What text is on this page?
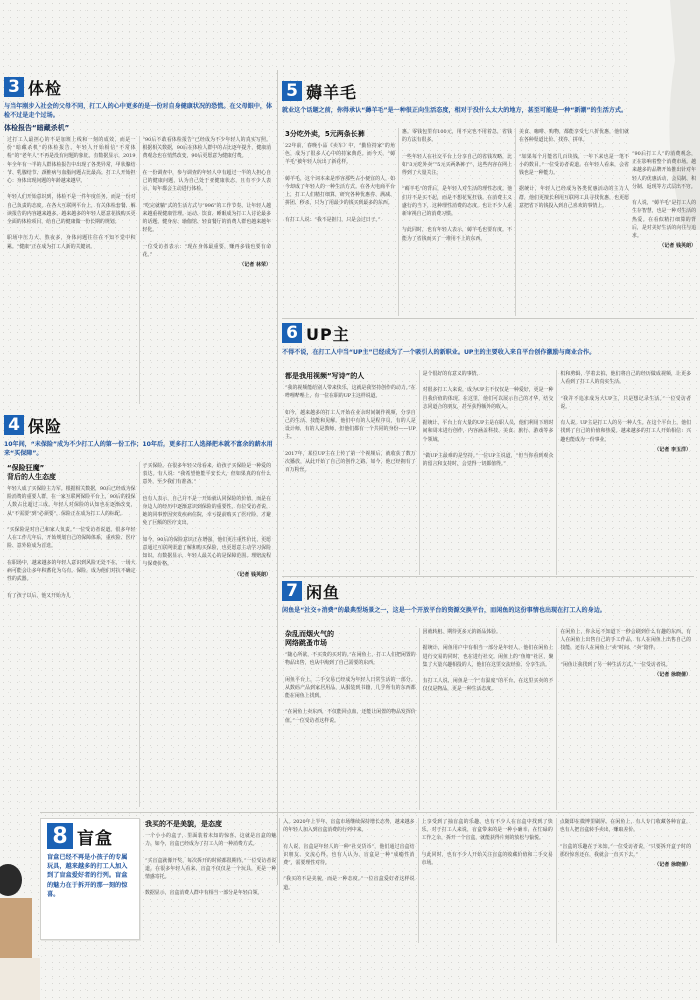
3 体检
与当年刚步入社会的父母不同，打工人的心中更多的是一份对自身健康状况的恐慌。在父母眼中，体检不过是走个过场。
体检报告“暗藏杀机”

过打工人最担心的不是加班上线和一刻的成效，而是一份“暗藏杀机”的体检报告。年轻人开始相信“不常体检”的“老年人”不再是没有问题的象征。有数据显示，2019年全年有一半的人群体检报告中出现了各类异常，甲状腺结节、乳腺结节、颈椎病与血脂问题占比最高。打工人开始担心：身体出现问题的年龄越来越早。

年轻人们开始意识到，体检不是一件年度任务，而是一份对自己负责的态度。在各大互联网平台上，有关体检套餐、解读报告的内容越来越多。越来越多的年轻人愿意花钱购买更全面的体检项目，给自己的健康做一份长期的规划。

职场中压力大、熬夜多，身体问题往往在不知不觉中积累。“健康”正在成为打工人新的关键词。

“90后不敢看体检报告”已经成为不少年轻人的真实写照。根据相关数据，90后在体检人群中的占比逐年提升，健康消费观念也在悄然改变，90后更愿意为健康付费。

在一份调查中，参与调查的年轻人中有超过一半的人担心自己的健康问题，认为自己处于亚健康状态，且有不少人表示，每年都会主动进行体检。

“吃完就躺”式的生活方式与“996”的工作节奏，让年轻人越来越重视健康管理。运动、饮食、睡眠成为打工人讨论最多的话题。健身房、瑜伽馆、轻食餐厅的消费人群也越来越年轻化。

一位受访者表示：“现在身体最重要，赚再多钱也要有命花。”

（记者 林荣）
4 保险
10年间，“未保险”成为不少打工人的第一份工作；10年后，更多打工人选择把本就不富余的薪水用来“买保障”。
“保险狂魔”
背后的人生态度

年轻人成了买保险主力军。根据相关数据，90后已经成为保险消费的重要人群，在一家互联网保险平台上，90后的投保人数占比超过三成。年轻人对保险的认知也在逐渐改变，从“不需要”到“必须要”，保险正在成为打工人的标配。

“买保险是对自己和家人负责。”一位受访者说道。很多年轻人在工作几年后，开始规划自己的保障体系，重疾险、医疗险、意外险成为首选。

在职场中，越来越多的年轻人意识到风险无处不在，一场大病可能会让多年积蓄化为乌有。保险，成为他们对抗不确定性的武器。

有了孩子以后，他又开始为儿

子买保险。在很多年轻父母看来，给孩子买保险是一种爱的表达。有人说：“我希望他能平安长大，但如果真的有什么意外，至少我们有准备。”

也有人表示，自己并不是一开始就认同保险的价值，而是在身边人的经历中逐渐意识到保险的重要性。有位受访者说，她的同事曾因突发疾病住院，幸亏提前购买了医疗险，才避免了巨额的医疗支出。

如今，90后的保险意识正在增强，他们更注重性价比，更愿意通过互联网渠道了解和购买保险，也更愿意主动学习保险知识。有数据显示，年轻人最关心的是保障范围、理赔流程与保费价格。

（记者 钱英朗）
5 薅羊毛
就业这个话题之前，你得承认“薅羊毛”是一种很正向生活态度，相对于没什么太大的地方，甚至可能是一种“新潮”的生活方式。
3分吃外卖，5元两条长裤

22年前，春晚小品《卖车》中，“勤俭持家”的角色，成为了很多人心中的持家典范。而今天，“薅羊毛”被年轻人玩出了新花样。

薅羊毛，这个词本来是形容那些占小便宜的人，如今却成了年轻人的一种生活方式。在各大电商平台上，打工人们精打细算，研究各种优惠券、满减、拼团、秒杀，只为了用最少的钱买到最多的东西。

有打工人说：“我不是抠门，只是会过日子。”

惠。零钱包里有100元，用不完也不用着急，省钱的方法有很多。

一些年轻人在社交平台上分享自己的省钱攻略，比如“3元吃外卖”“5元买两条裤子”，这些内容在网上得到了大量关注。

“薅羊毛”的背后，是年轻人对生活的理性态度。他们并不是买不起，而是不想花冤枉钱。在消费主义盛行的当下，这种理性消费的态度，也让不少人重新审视自己的消费习惯。

与此同时，也有年轻人表示，薅羊毛也要有度，不能为了省钱而买了一堆用不上的东西。

美食、咖啡、购物，都能享受七八折优惠，他们就在各种渠道比价、找券、拼单。

“如果每个月能省几百块钱，一年下来也是一笔不小的数目。”一位受访者说道。在年轻人看来，会省钱也是一种能力。

据统计，年轻人已经成为各类优惠活动的主力人群，他们更擅长利用互联网工具寻找优惠，也更愿意把省下的钱投入到自己喜欢的事情上。

“90后打工人”的消费观念，正在影响着整个消费市场。越来越多的品牌开始推出针对年轻人的优惠活动，会员制、积分制、返现等方式层出不穷。

有人说，“薅羊毛”是打工人的生存智慧，也是一种对生活的热爱。在看似精打细算的背后，是对美好生活的向往与追求。

（记者 钱英朗）
6 UP主
不得不说，在打工人中当“UP主”已经成为了一个吸引人的新职业。UP主的主要收入来自平台创作激励与商业合作。
都是我用视频“写诗”的人

“我的视频能给别人带来快乐，这就是我坚持创作的动力。”在哔哩哔哩上，有一位在职的UP主这样说道。

如今，越来越多的打工人开始在业余时间制作视频，分享自己的生活、技能和见解。他们中有的人是程序员，有的人是设计师，有的人是教师，但他们都有一个共同的身份——UP主。

2017年，某位UP主在上传了第一个视频后，就收获了数万次播放，从此开始了自己的创作之路。如今，他已经拥有了百万粉丝。

是个很好的有意义的事情。

对很多打工人来说，成为UP主不仅仅是一种爱好，更是一种自我价值的体现。在这里，他们可以展示自己的才华，结交志同道合的朋友，甚至获得额外的收入。

据统计，平台上有大量的UP主是在职人员，他们利用下班时间和周末进行创作，内容涵盖科技、美食、旅行、游戏等多个领域。

“做UP主最难的是坚持。”一位UP主说道，“但当你看到观众的留言和支持时，会觉得一切都值得。”

机和剪辑，学着去拍，他们将自己的经历做成视频，让更多人看到了打工人的真实生活。

“我并不追求成为大UP主，只是想记录生活。”一位受访者说。

有人说，UP主是打工人的另一种人生。在这个平台上，他们找到了自己的价值和热爱。越来越多的打工人开始相信：兴趣也能成为一份事业。

（记者 李玉洋）
7 闲鱼
闲鱼是“社交+消费”的最典型场景之一，这是一个开放平台的资源交换平台，而闲鱼的这份事情也出现在打工人的身边。
杂乱而烟火气的
网络跳蚤市场

“随心所欲，不买贵的买对的。”在闲鱼上，打工人们把闲置的物品出售，也从中淘到了自己需要的东西。

闲鱼平台上，二手交易已经成为年轻人日常生活的一部分。从数码产品到家居用品，从服装到书籍，几乎所有的东西都能在闲鱼上找到。

“在闲鱼上卖东西，不仅能回点血，还能让闲置的物品发挥价值。”一位受访者这样说。

因就转租、期待更多元的新品体验。

据统计，闲鱼用户中有相当一部分是年轻人，他们在闲鱼上进行交易的同时，也在进行社交。闲鱼上的“鱼塘”社区，聚集了大量兴趣相投的人，他们在这里交流经验、分享生活。

有打工人说，闲鱼是一个“有温度”的平台，在这里买卖的不仅仅是物品，更是一种生活态度。

在闲鱼上，你永远不知道下一秒会刷到什么有趣的东西。有人在闲鱼上出售自己的手工作品，有人在闲鱼上出售自己的技能，还有人在闲鱼上“卖”时间、“卖”陪伴。

“闲鱼让我找到了另一种生活方式。”一位受访者说。

（记者 徐晓倩）
8 盲盒
盲盒已经不再是小孩子的专属玩具，越来越多的打工人加入到了盲盒爱好者的行列。盲盒的魅力在于拆开的那一刻的惊喜。
我买的不是美貌，是态度

一个小小的盒子，里面装着未知的惊喜，这就是盲盒的魅力。如今，盲盒已经成为了打工人的一种消费方式。

“买盲盒就像开奖，每次拆开的时候都很期待。”一位受访者说道。在很多年轻人看来，盲盒不仅仅是一个玩具，更是一种情感寄托。

数据显示，盲盒消费人群中有相当一部分是年轻白领。

入，2020年上半年，盲盒市场继续保持增长态势，越来越多的年轻人加入到盲盒消费的行列中来。

有人说，盲盒是年轻人的一种“社交货币”，他们通过盲盒结识朋友、交流心得。也有人认为，盲盒是一种“成瘾性消费”，需要理性对待。

“我买的不是美貌，而是一种态度。”一位盲盒爱好者这样说道。

上享受到了抽盲盒的乐趣，也有不少人在盲盒中找到了快乐。对于打工人来说，盲盒带来的是一种小确幸，在忙碌的工作之余，拆开一个盲盒，就能获得片刻的放松与愉悦。

与此同时，也有不少人开始关注盲盒的收藏价值和二手交易市场。

点随即在微博里刷屏。在闲鱼上，有人专门收藏各种盲盒，也有人把盲盒转手卖出，赚取差价。

“盲盒的乐趣在于未知。”一位受访者说，“只要拆开盒子时的那份惊喜还在，我就会一直买下去。”

（记者 徐晓倩）
